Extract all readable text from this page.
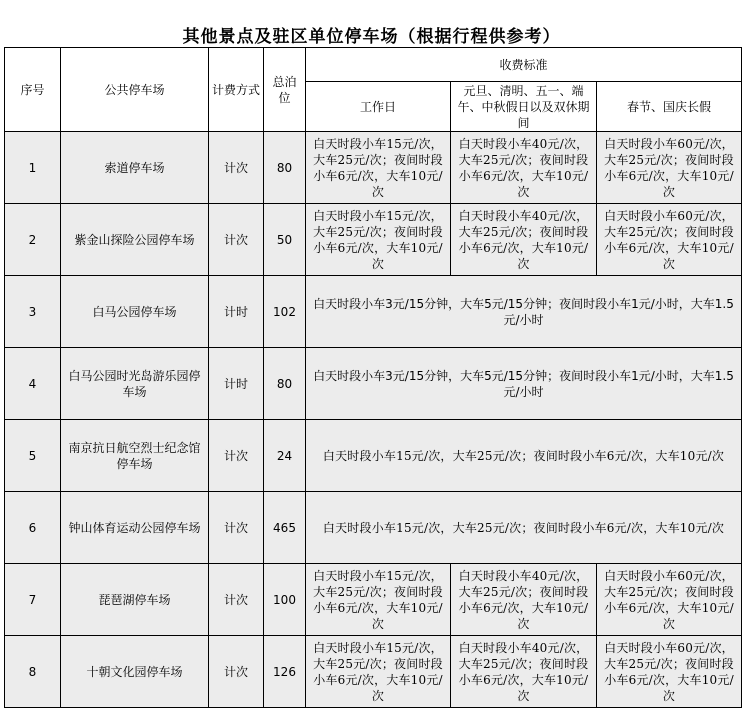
其他景点及驻区单位停车场（根据行程供参考）
序号	公共停车场	计费方式	总泊位	收费标准		
				工作日	元旦、清明、五一、端午、中秋假日以及双休期间	春节、国庆长假
1	索道停车场	计次	80	白天时段小车15元/次，大车25元/次；夜间时段小车6元/次，大车10元/次	白天时段小车40元/次，大车25元/次；夜间时段小车6元/次，大车10元/次	白天时段小车60元/次，大车25元/次；夜间时段小车6元/次，大车10元/次
2	紫金山探险公园停车场	计次	50	白天时段小车15元/次，大车25元/次；夜间时段小车6元/次，大车10元/次	白天时段小车40元/次，大车25元/次；夜间时段小车6元/次，大车10元/次	白天时段小车60元/次，大车25元/次；夜间时段小车6元/次，大车10元/次
3	白马公园停车场	计时	102	白天时段小车3元/15分钟，大车5元/15分钟；夜间时段小车1元/小时，大车1.5元/小时		
4	白马公园时光岛游乐园停车场	计时	80	白天时段小车3元/15分钟，大车5元/15分钟；夜间时段小车1元/小时，大车1.5元/小时		
5	南京抗日航空烈士纪念馆停车场	计次	24	白天时段小车15元/次，大车25元/次；夜间时段小车6元/次，大车10元/次		
6	钟山体育运动公园停车场	计次	465	白天时段小车15元/次，大车25元/次；夜间时段小车6元/次，大车10元/次		
7	琵琶湖停车场	计次	100	白天时段小车15元/次，大车25元/次；夜间时段小车6元/次，大车10元/次	白天时段小车40元/次，大车25元/次；夜间时段小车6元/次，大车10元/次	白天时段小车60元/次，大车25元/次；夜间时段小车6元/次，大车10元/次
8	十朝文化园停车场	计次	126	白天时段小车15元/次，大车25元/次；夜间时段小车6元/次，大车10元/次	白天时段小车40元/次，大车25元/次；夜间时段小车6元/次，大车10元/次	白天时段小车60元/次，大车25元/次；夜间时段小车6元/次，大车10元/次
